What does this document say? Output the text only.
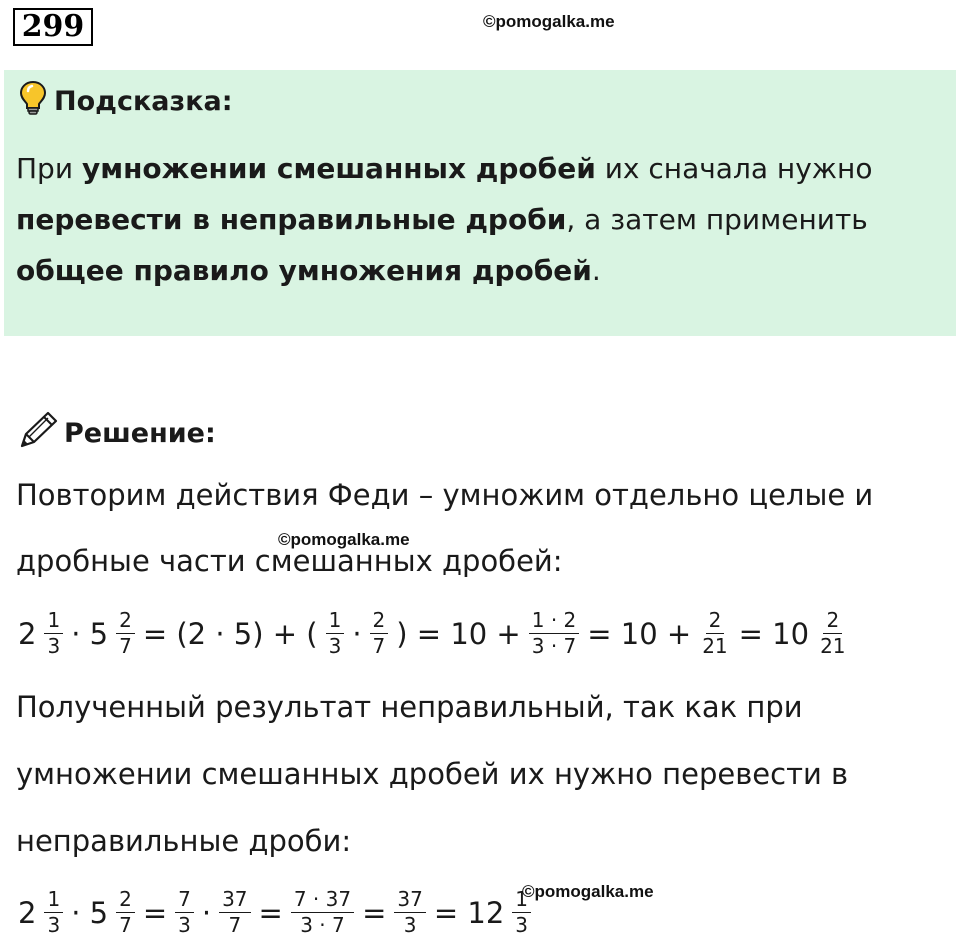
299	©pomogalka.me
Подсказка:
При умножении смешанных дробей их сначала нужно
перевести в неправильные дроби, а затем применить
общее правило умножения дробей.
Решение:
Повторим действия Феди – умножим отдельно целые и
©pomogalka.me
дробные части смешанных дробей:
$2 \frac{1}{3} \cdot 5 \frac{2}{7} = (2 \cdot 5)$ + ( $\frac{1}{3} \cdot \frac{2}{7}$ ) = $10 + \frac{1 \cdot 2}{3 \cdot 7} = 10 + \frac{2}{21} = 10 \frac{2}{21}$
Полученный результат неправильный, так как при
умножении смешанных дробей их нужно перевести в
неправильные дроби:
$2 \frac{1}{3} \cdot 5 \frac{2}{7} = \frac{7}{3} \cdot \frac{37}{7} = \frac{7 \cdot 37}{3 \cdot 7} = \frac{37}{3} = 12 \frac{1}{3}$
©pomogalka.me
